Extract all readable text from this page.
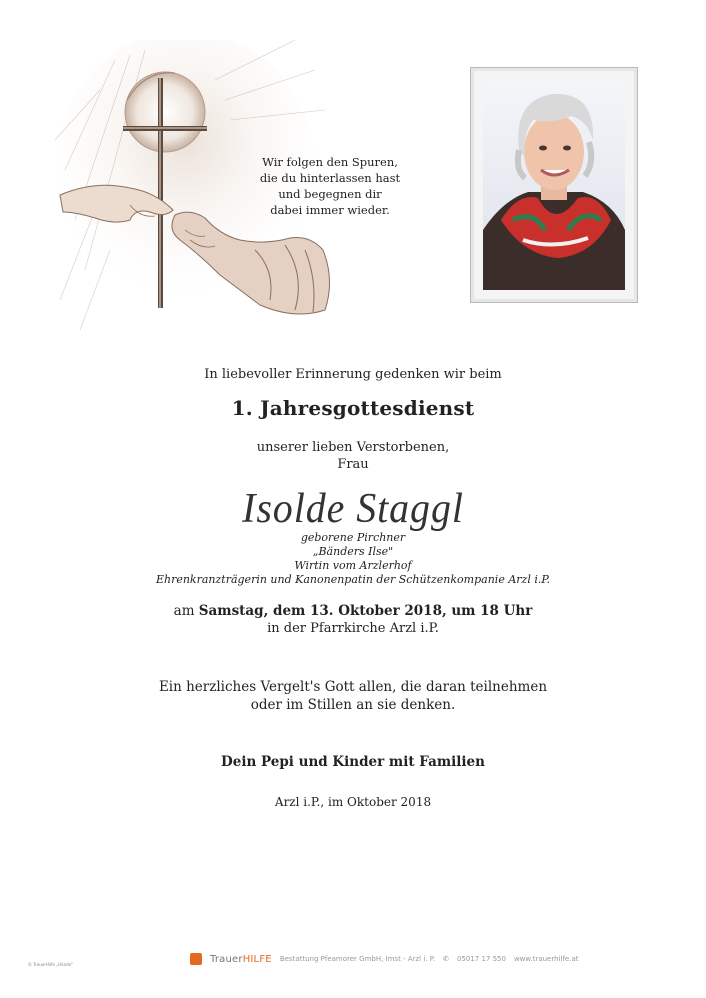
Wir folgen den Spuren,
die du hinterlassen hast
und begegnen dir
dabei immer wieder.
In liebevoller Erinnerung gedenken wir beim
1. Jahresgottesdienst
unserer lieben Verstorbenen,
Frau
Isolde Staggl
geborene Pirchner
„Bänders Ilse"
Wirtin vom Arzlerhof
Ehrenkranzträgerin und Kanonenpatin der Schützenkompanie Arzl i.P.
am Samstag, dem 13. Oktober 2018, um 18 Uhr
in der Pfarrkirche Arzl i.P.
Ein herzliches Vergelt's Gott allen, die daran teilnehmen
oder im Stillen an sie denken.
Dein Pepi und Kinder mit Familien
Arzl i.P., im Oktober 2018
© TrauerHilfe „Hände"	TrauerHILFE Bestattung Pfeamorer GmbH, Imst - Arzl i. P. ✆ 05017 17 550 www.trauerhilfe.at
